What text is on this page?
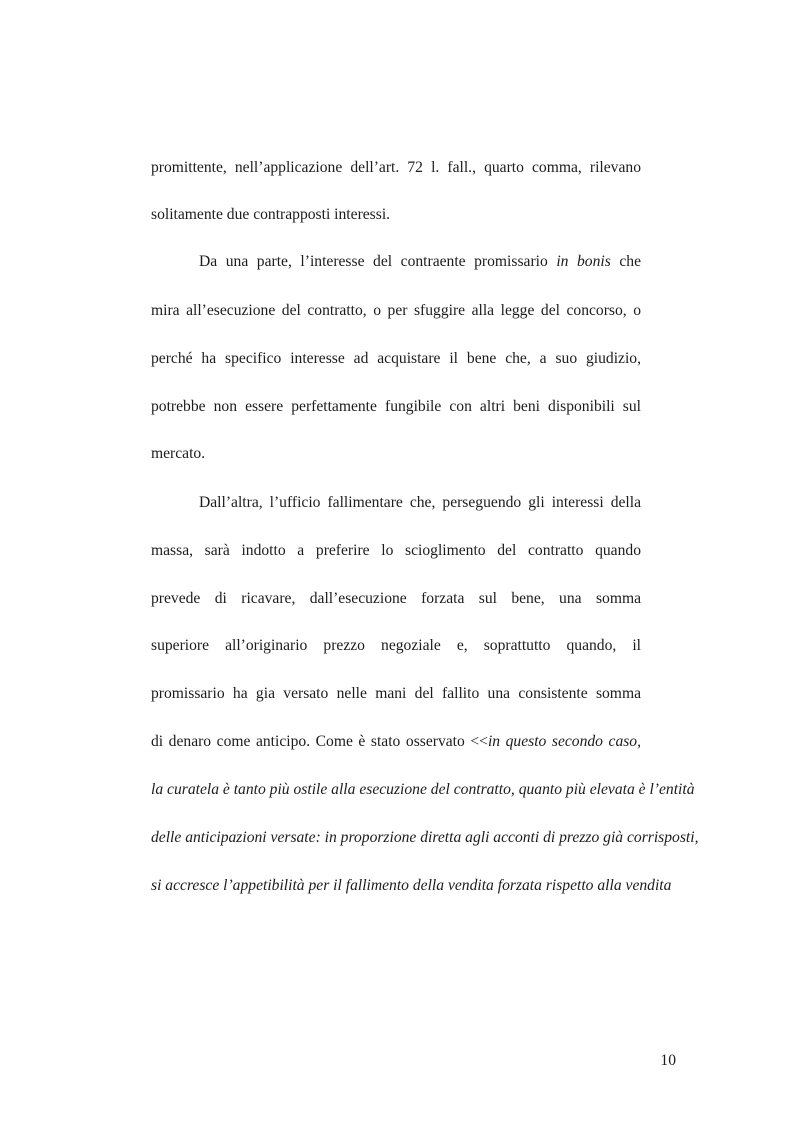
promittente, nell’applicazione dell’art. 72 l. fall., quarto comma, rilevano
solitamente due contrapposti interessi.
Da una parte, l’interesse del contraente promissario in bonis che
mira all’esecuzione del contratto, o per sfuggire alla legge del concorso, o
perché ha specifico interesse ad acquistare il bene che, a suo giudizio,
potrebbe non essere perfettamente fungibile con altri beni disponibili sul
mercato.
Dall’altra, l’ufficio fallimentare che, perseguendo gli interessi della
massa, sarà indotto a preferire lo scioglimento del contratto quando
prevede di ricavare, dall’esecuzione forzata sul bene, una somma
superiore all’originario prezzo negoziale e, soprattutto quando, il
promissario ha gia versato nelle mani del fallito una consistente somma
di denaro come anticipo. Come è stato osservato <<in questo secondo caso,
la curatela è tanto più ostile alla esecuzione del contratto, quanto più elevata è l’entità
delle anticipazioni versate: in proporzione diretta agli acconti di prezzo già corrisposti,
si accresce l’appetibilità per il fallimento della vendita forzata rispetto alla vendita
10
